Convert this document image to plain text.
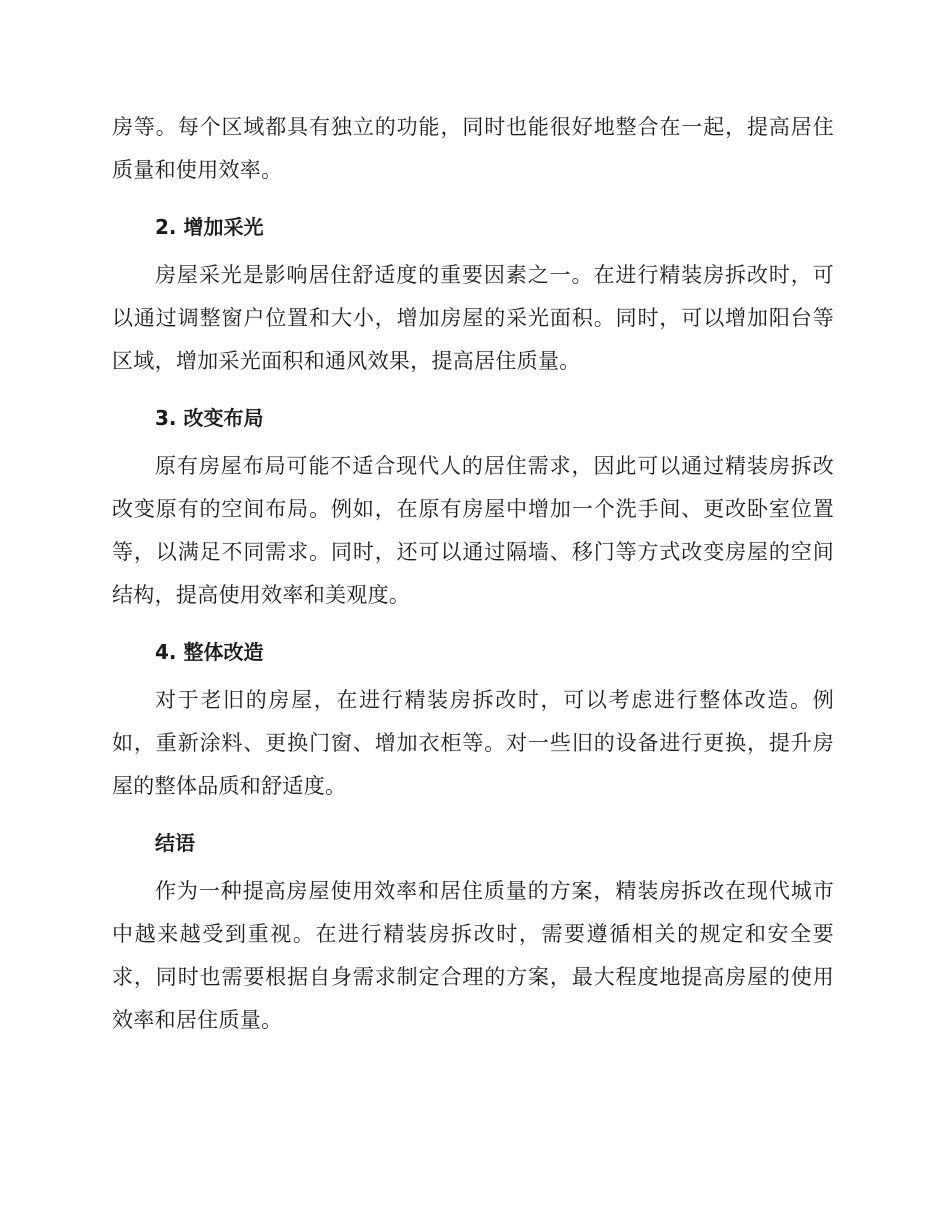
房等。每个区域都具有独立的功能，同时也能很好地整合在一起，提高居住质量和使用效率。

2. 增加采光

房屋采光是影响居住舒适度的重要因素之一。在进行精装房拆改时，可以通过调整窗户位置和大小，增加房屋的采光面积。同时，可以增加阳台等区域，增加采光面积和通风效果，提高居住质量。

3. 改变布局

原有房屋布局可能不适合现代人的居住需求，因此可以通过精装房拆改改变原有的空间布局。例如，在原有房屋中增加一个洗手间、更改卧室位置等，以满足不同需求。同时，还可以通过隔墙、移门等方式改变房屋的空间结构，提高使用效率和美观度。

4. 整体改造

对于老旧的房屋，在进行精装房拆改时，可以考虑进行整体改造。例如，重新涂料、更换门窗、增加衣柜等。对一些旧的设备进行更换，提升房屋的整体品质和舒适度。

结语

作为一种提高房屋使用效率和居住质量的方案，精装房拆改在现代城市中越来越受到重视。在进行精装房拆改时，需要遵循相关的规定和安全要求，同时也需要根据自身需求制定合理的方案，最大程度地提高房屋的使用效率和居住质量。
